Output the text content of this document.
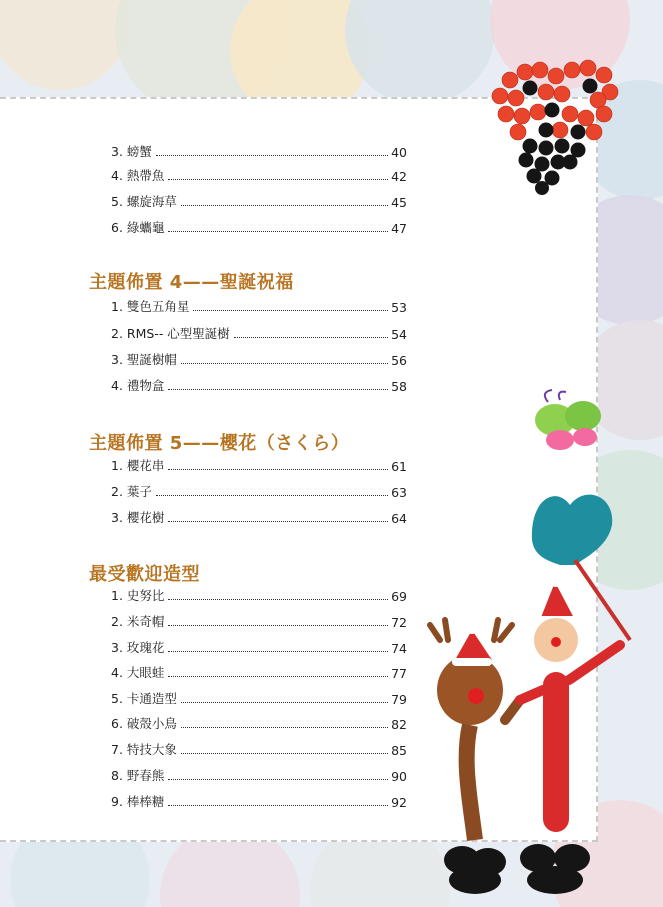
3. 螃蟹	40
4. 熱帶魚	42
5. 螺旋海草	45
6. 綠蠵龜	47
主題佈置 4——聖誕祝福
1. 雙色五角星	53
2. RMS-- 心型聖誕樹	54
3. 聖誕樹帽	56
4. 禮物盒	58
主題佈置 5——櫻花（さくら）
1. 櫻花串	61
2. 葉子	63
3. 櫻花樹	64
最受歡迎造型
1. 史努比	69
2. 米奇帽	72
3. 玫瑰花	74
4. 大眼蛙	77
5. 卡通造型	79
6. 破殼小鳥	82
7. 特技大象	85
8. 野春熊	90
9. 棒棒糖	92
